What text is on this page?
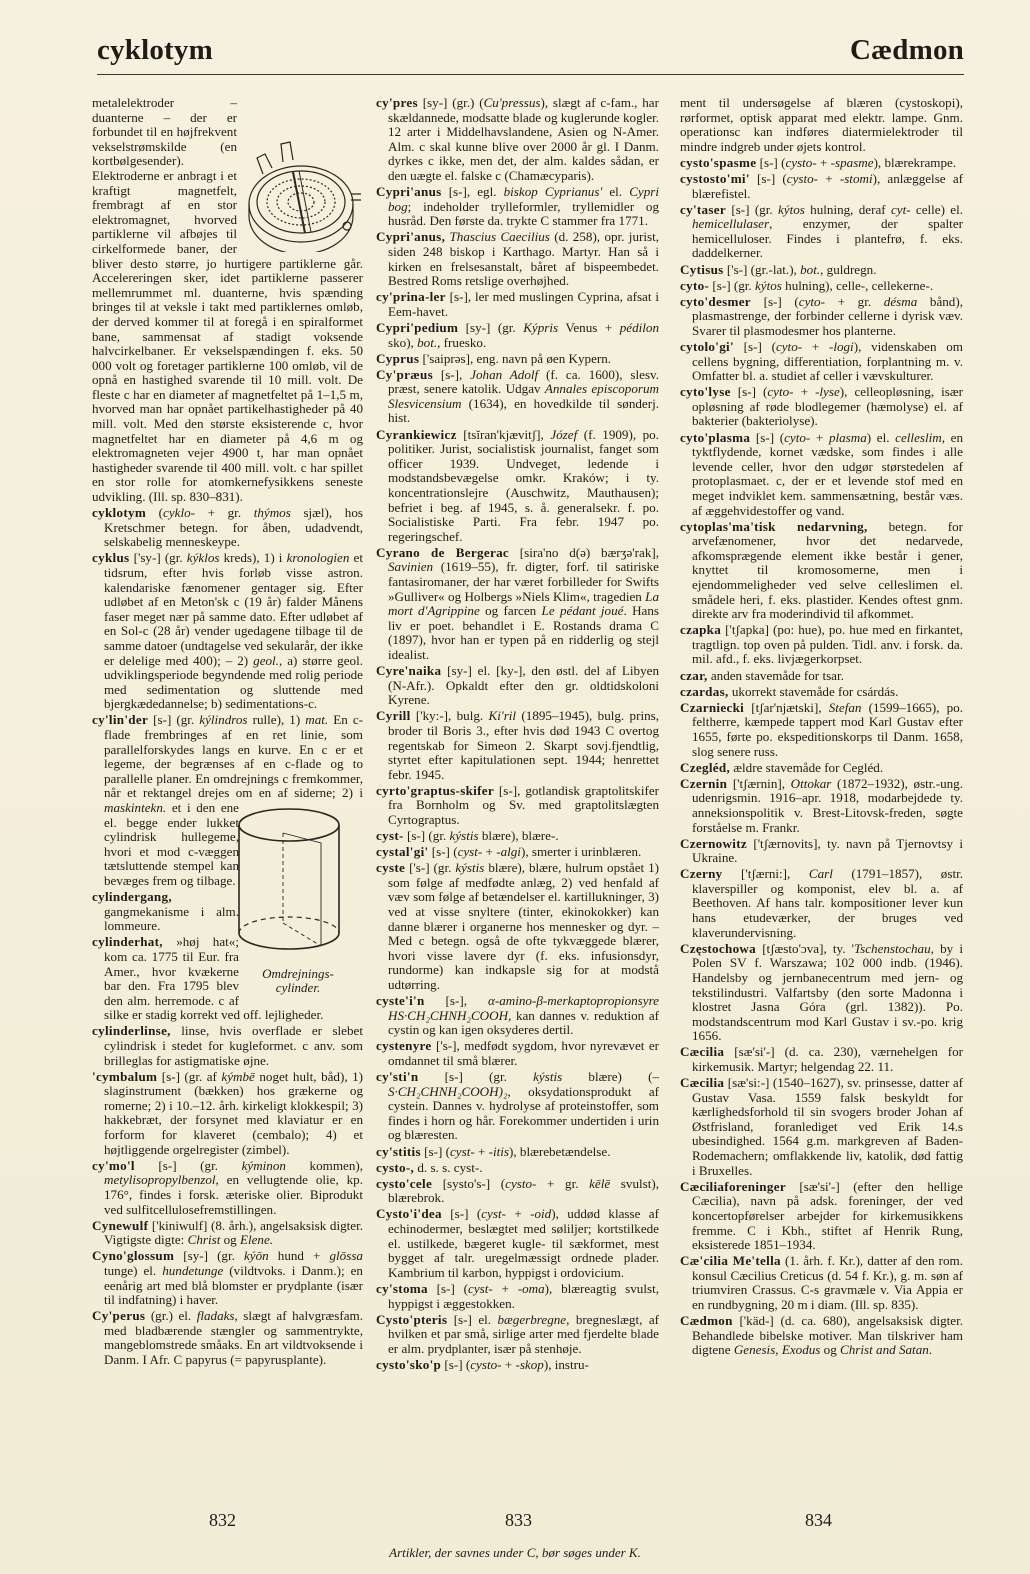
cyklotym	Cædmon
metalelektroder – duanterne – der er forbundet til en højfrekvent vekselstrømskilde (en kortbølgesender). Elektroderne er anbragt i et kraftigt magnetfelt, frembragt af en stor elektromagnet, hvorved partiklerne vil afbøjes til cirkelformede baner, der bliver desto større, jo hurtigere partiklerne går. Accelereringen sker, idet partiklerne passerer mellemrummet ml. duanterne, hvis spænding bringes til at veksle i takt med partiklernes omløb, der derved kommer til at foregå i en spiralformet bane, sammensat af stadigt voksende halvcirkelbaner. Er vekselspændingen f. eks. 50 000 volt og foretager partiklerne 100 omløb, vil de opnå en hastighed svarende til 10 mill. volt. De fleste c har en diameter af magnetfeltet på 1–1,5 m, hvorved man har opnået partikelhastigheder på 40 mill. volt. Med den største eksisterende c, hvor magnetfeltet har en diameter på 4,6 m og elektromagneten vejer 4900 t, har man opnået hastigheder svarende til 400 mill. volt. c har spillet en stor rolle for atomkernefysikkens seneste udvikling. (Ill. sp. 830–831).
cyklotym (cyklo- + gr. thýmos sjæl), hos Kretschmer betegn. for åben, udadvendt, selskabelig menneskeype.
cyklus ['sy-] (gr. kýklos kreds), 1) i kronologien et tidsrum, efter hvis forløb visse astron. kalendariske fænomener gentager sig. Efter udløbet af en Meton'sk c (19 år) falder Månens faser meget nær på samme dato. Efter udløbet af en Sol-c (28 år) vender ugedagene tilbage til de samme datoer (undtagelse ved sekularår, der ikke er delelige med 400); – 2) geol., a) større geol. udviklingsperiode begyndende med rolig periode med sedimentation og sluttende med bjergkædedannelse; b) sedimentations-c.
cy'lin'der [s-] (gr. kýlindros rulle), 1) mat. En c-flade frembringes af en ret linie, som parallelforskydes langs en kurve. En c er et legeme, der begrænses af en c-flade og to parallelle planer. En omdrejnings c fremkommer, når et rektangel drejes om en af siderne; 2) i
Omdrejnings-
cylinder.
maskintekn. et i den ene el. begge ender lukket cylindrisk hullegeme, hvori et mod c-væggen tætsluttende stempel kan bevæges frem og tilbage.
cylindergang, gangmekanisme i alm. lommeure.
cylinderhat, »høj hat«; kom ca. 1775 til Eur. fra Amer., hvor kvækerne bar den. Fra 1795 blev den alm. herremode. c af silke er stadig korrekt ved off. lejligheder.
cylinderlinse, linse, hvis overflade er slebet cylindrisk i stedet for kugleformet. c anv. som brilleglas for astigmatiske øjne.
'cymbalum [s-] (gr. af kýmbē noget hult, båd), 1) slaginstrument (bækken) hos grækerne og romerne; 2) i 10.–12. årh. kirkeligt klokkespil; 3) hakkebræt, der forsynet med klaviatur er en forform for klaveret (cembalo); 4) et højtliggende orgelregister (zimbel).
cy'mo'l [s-] (gr. kýminon kommen), metylisopropylbenzol, en vellugtende olie, kp. 176°, findes i forsk. æteriske olier. Biprodukt ved sulfitcellulosefremstillingen.
Cynewulf ['kiniwulf] (8. årh.), angelsaksisk digter. Vigtigste digte: Christ og Elene.
Cyno'glossum [sy-] (gr. kýōn hund + glōssa tunge) el. hundetunge (vildtvoks. i Danm.); en eenårig art med blå blomster er prydplante (især til indfatning) i haver.
Cy'perus (gr.) el. fladaks, slægt af halvgræsfam. med bladbærende stængler og sammentrykte, mangeblomstrede småaks. En art vildtvoksende i Danm. I Afr. C papyrus (= papyrusplante).
cy'pres [sy-] (gr.) (Cu'pressus), slægt af c-fam., har skældannede, modsatte blade og kuglerunde kogler. 12 arter i Middelhavslandene, Asien og N-Amer. Alm. c skal kunne blive over 2000 år gl. I Danm. dyrkes c ikke, men det, der alm. kaldes sådan, er den uægte el. falske c (Chamæcyparis).
Cypri'anus [s-], egl. biskop Cyprianus' el. Cypri bog; indeholder trylleformler, tryllemidler og husråd. Den første da. trykte C stammer fra 1771.
Cypri'anus, Thascius Caecilius (d. 258), opr. jurist, siden 248 biskop i Karthago. Martyr. Han så i kirken en frelsesanstalt, båret af bispeembedet. Bestred Roms retslige overhøjhed.
cy'prina-ler [s-], ler med muslingen Cyprina, afsat i Eem-havet.
Cypri'pedium [sy-] (gr. Kýpris Venus + pédilon sko), bot., fruesko.
Cyprus ['saiprəs], eng. navn på øen Kypern.
Cy'præus [s-], Johan Adolf (f. ca. 1600), slesv. præst, senere katolik. Udgav Annales episcoporum Slesvicensium (1634), en hovedkilde til sønderj. hist.
Cyrankiewicz [tsĭran'kjævitʃ], Józef (f. 1909), po. politiker. Jurist, socialistisk journalist, fanget som officer 1939. Undveget, ledende i modstandsbevægelse omkr. Kraków; i ty. koncentrationslejre (Auschwitz, Mauthausen); befriet i beg. af 1945, s. å. generalsekr. f. po. Socialistiske Parti. Fra febr. 1947 po. regeringschef.
Cyrano de Bergerac [sira'no d(ə) bærʒə'rak], Savinien (1619–55), fr. digter, forf. til satiriske fantasiromaner, der har været forbilleder for Swifts »Gulliver« og Holbergs »Niels Klim«, tragedien La mort d'Agrippine og farcen Le pédant joué. Hans liv er poet. behandlet i E. Rostands drama C (1897), hvor han er typen på en ridderlig og stejl idealist.
Cyre'naika [sy-] el. [ky-], den østl. del af Libyen (N-Afr.). Opkaldt efter den gr. oldtidskoloni Kyrene.
Cyrill ['ky:-], bulg. Ki'ril (1895–1945), bulg. prins, broder til Boris 3., efter hvis død 1943 C overtog regentskab for Simeon 2. Skarpt sovj.fjendtlig, styrtet efter kapitulationen sept. 1944; henrettet febr. 1945.
cyrto'graptus-skifer [s-], gotlandisk graptolitskifer fra Bornholm og Sv. med graptolitslægten Cyrtograptus.
cyst- [s-] (gr. kýstis blære), blære-.
cystal'gi' [s-] (cyst- + -algi), smerter i urinblæren.
cyste ['s-] (gr. kýstis blære), blære, hulrum opstået 1) som følge af medfødte anlæg, 2) ved henfald af væv som følge af betændelser el. kartillukninger, 3) ved at visse snyltere (tinter, ekinokokker) kan danne blærer i organerne hos mennesker og dyr. – Med c betegn. også de ofte tykvæggede blærer, hvori visse lavere dyr (f. eks. infusionsdyr, rundorme) kan indkapsle sig for at modstå udtørring.
cyste'i'n [s-], α-amino-β-merkaptopropionsyre HS·CH₂CHNH₂COOH, kan dannes v. reduktion af cystin og kan igen oksyderes dertil.
cystenyre ['s-], medfødt sygdom, hvor nyrevævet er omdannet til små blærer.
cy'sti'n [s-] (gr. kýstis blære) (–S·CH₂CHNH₂COOH)₂, oksydationsprodukt af cystein. Dannes v. hydrolyse af proteinstoffer, som findes i horn og hår. Forekommer undertiden i urin og blæresten.
cy'stitis [s-] (cyst- + -itis), blærebetændelse.
cysto-, d. s. s. cyst-.
cysto'cele [systo's-] (cysto- + gr. kēlē svulst), blærebrok.
Cysto'i'dea [s-] (cyst- + -oid), uddød klasse af echinodermer, beslægtet med søliljer; kortstilkede el. ustilkede, bægeret kugle- til sækformet, mest bygget af talr. uregelmæssigt ordnede plader. Kambrium til karbon, hyppigst i ordovicium.
cy'stoma [s-] (cyst- + -oma), blæreagtig svulst, hyppigst i æggestokken.
Cysto'pteris [s-] el. bægerbregne, bregneslægt, af hvilken et par små, sirlige arter med fjerdelte blade er alm. prydplanter, især på stenhøje.
cysto'sko'p [s-] (cysto- + -skop), instru-
ment til undersøgelse af blæren (cystoskopi), rørformet, optisk apparat med elektr. lampe. Gnm. operationsc kan indføres diatermielektroder til mindre indgreb under øjets kontrol.
cysto'spasme [s-] (cysto- + -spasme), blærekrampe.
cystosto'mi' [s-] (cysto- + -stomi), anlæggelse af blærefistel.
cy'taser [s-] (gr. kýtos hulning, deraf cyt- celle) el. hemicellulaser, enzymer, der spalter hemicelluloser. Findes i plantefrø, f. eks. daddelkerner.
Cytisus ['s-] (gr.-lat.), bot., guldregn.
cyto- [s-] (gr. kýtos hulning), celle-, cellekerne-.
cyto'desmer [s-] (cyto- + gr. désma bånd), plasmastrenge, der forbinder cellerne i dyrisk væv. Svarer til plasmodesmer hos planterne.
cytolo'gi' [s-] (cyto- + -logi), videnskaben om cellens bygning, differentiation, forplantning m. v. Omfatter bl. a. studiet af celler i vævskulturer.
cyto'lyse [s-] (cyto- + -lyse), celleopløsning, især opløsning af røde blodlegemer (hæmolyse) el. af bakterier (bakteriolyse).
cyto'plasma [s-] (cyto- + plasma) el. celleslim, en tyktflydende, kornet vædske, som findes i alle levende celler, hvor den udgør størstedelen af protoplasmaet. c, der er et levende stof med en meget indviklet kem. sammensætning, består væs. af æggehvidestoffer og vand.
cytoplas'ma'tisk nedarvning, betegn. for arvefænomener, hvor det nedarvede, afkomsprægende element ikke består i gener, knyttet til kromosomerne, men i ejendommeligheder ved selve celleslimen el. smådele heri, f. eks. plastider. Kendes oftest gnm. direkte arv fra moderindivid til afkommet.
czapka ['tʃapka] (po: hue), po. hue med en firkantet, tragtlign. top oven på pulden. Tidl. anv. i forsk. da. mil. afd., f. eks. livjægerkorpset.
czar, anden stavemåde for tsar.
czardas, ukorrekt stavemåde for csárdás.
Czarniecki [tʃar'njætski], Stefan (1599–1665), po. feltherre, kæmpede tappert mod Karl Gustav efter 1655, førte po. ekspeditionskorps til Danm. 1658, slog senere russ.
Czegléd, ældre stavemåde for Cegléd.
Czernin ['tʃærnin], Ottokar (1872–1932), østr.-ung. udenrigsmin. 1916–apr. 1918, modarbejdede ty. anneksionspolitik v. Brest-Litovsk-freden, søgte forståelse m. Frankr.
Czernowitz ['tʃærnovits], ty. navn på Tjernovtsy i Ukraine.
Czerny ['tʃærni:], Carl (1791–1857), østr. klaverspiller og komponist, elev bl. a. af Beethoven. Af hans talr. kompositioner lever kun hans etudeværker, der bruges ved klaverundervisning.
Częstochowa [tʃæsto'ɔva], ty. 'Tschenstochau, by i Polen SV f. Warszawa; 102 000 indb. (1946). Handelsby og jernbanecentrum med jern- og tekstilindustri. Valfartsby (den sorte Madonna i klostret Jasna Góra (grl. 1382)). Po. modstandscentrum mod Karl Gustav i sv.-po. krig 1656.
Cæcilia [sæ'si'-] (d. ca. 230), værnehelgen for kirkemusik. Martyr; helgendag 22. 11.
Cæcilia [sæ'si:-] (1540–1627), sv. prinsesse, datter af Gustav Vasa. 1559 falsk beskyldt for kærlighedsforhold til sin svogers broder Johan af Østfrisland, foranlediget ved Erik 14.s ubesindighed. 1564 g.m. markgreven af Baden-Rodemachern; omflakkende liv, katolik, død fattig i Bruxelles.
Cæciliaforeninger [sæ'si'-] (efter den hellige Cæcilia), navn på adsk. foreninger, der ved koncertopførelser arbejder for kirkemusikkens fremme. C i Kbh., stiftet af Henrik Rung, eksisterede 1851–1934.
Cæ'cilia Me'tella (1. årh. f. Kr.), datter af den rom. konsul Cæcilius Creticus (d. 54 f. Kr.), g. m. søn af triumviren Crassus. C-s gravmæle v. Via Appia er en rundbygning, 20 m i diam. (Ill. sp. 835).
Cædmon ['käd-] (d. ca. 680), angelsaksisk digter. Behandlede bibelske motiver. Man tilskriver ham digtene Genesis, Exodus og Christ and Satan.
832	833	834
Artikler, der savnes under C, bør søges under K.
